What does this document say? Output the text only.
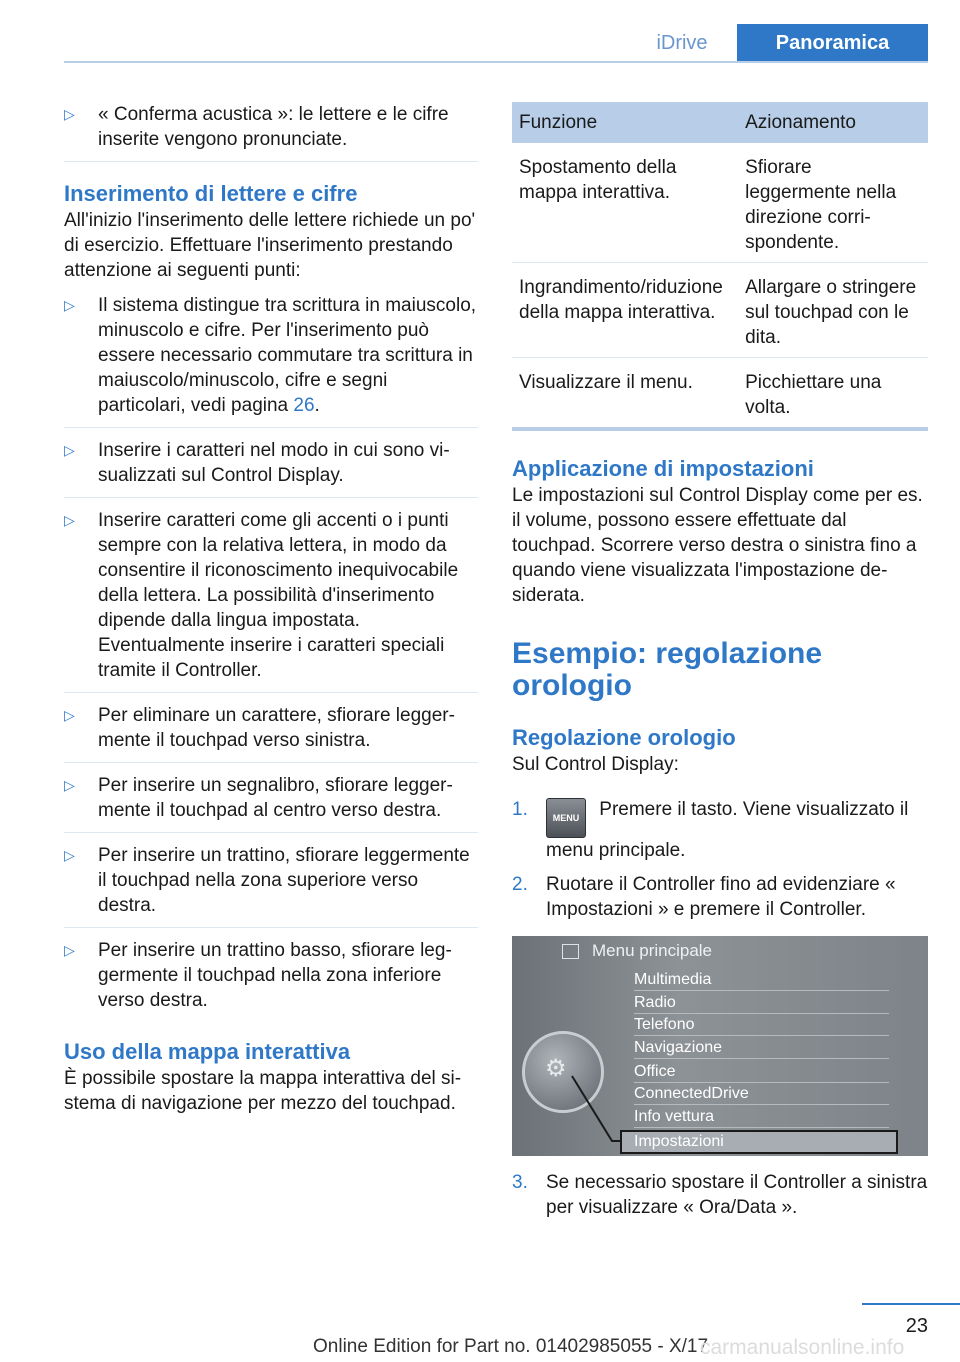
iDrive	Panoramica
▷	« Conferma acustica »: le lettere e le cifre inserite vengono pronunciate.
Inserimento di lettere e cifre

All'inizio l'inserimento delle lettere richiede un po' di esercizio. Effettuare l'inserimento prestando attenzione ai seguenti punti:

▷	Il sistema distingue tra scrittura in maiuscolo, minuscolo e cifre. Per l'inserimento può essere necessario commutare tra scrittura in maiuscolo/minuscolo, cifre e segni particolari, vedi pagina 26.
▷	Inserire i caratteri nel modo in cui sono visualizzati sul Control Display.
▷	Inserire caratteri come gli accenti o i punti sempre con la relativa lettera, in modo da consentire il riconoscimento inequivocabile della lettera. La possibilità d'inserimento dipende dalla lingua impostata. Eventualmente inserire i caratteri speciali tramite il Controller.
▷	Per eliminare un carattere, sfiorare leggermente il touchpad verso sinistra.
▷	Per inserire un segnalibro, sfiorare leggermente il touchpad al centro verso destra.
▷	Per inserire un trattino, sfiorare leggermente il touchpad nella zona superiore verso destra.
▷	Per inserire un trattino basso, sfiorare leggermente il touchpad nella zona inferiore verso destra.
Uso della mappa interattiva

È possibile spostare la mappa interattiva del sistema di navigazione per mezzo del touchpad.

Funzione	Azionamento
Spostamento della mappa interattiva.	Sfiorare leggermente nella direzione corrispondente.
Ingrandimento/riduzione della mappa interattiva.	Allargare o stringere sul touchpad con le dita.
Visualizzare il menu.	Picchiettare una volta.
Applicazione di impostazioni

Le impostazioni sul Control Display come per es. il volume, possono essere effettuate dal touchpad. Scorrere verso destra o sinistra fino a quando viene visualizzata l'impostazione desiderata.

Esempio: regolazione orologio
Regolazione orologio

Sul Control Display:

1.	MENU Premere il tasto. Viene visualizzato il menu principale.
2. Ruotare il Controller fino ad evidenziare « Impostazioni » e premere il Controller.
Menu principale
⚙
Multimedia
Radio
Telefono
Navigazione
Office
ConnectedDrive
Info vettura
Impostazioni
3. Se necessario spostare il Controller a sinistra per visualizzare « Ora/Data ».
23
Online Edition for Part no. 01402985055 - X/17
carmanualsonline.info
